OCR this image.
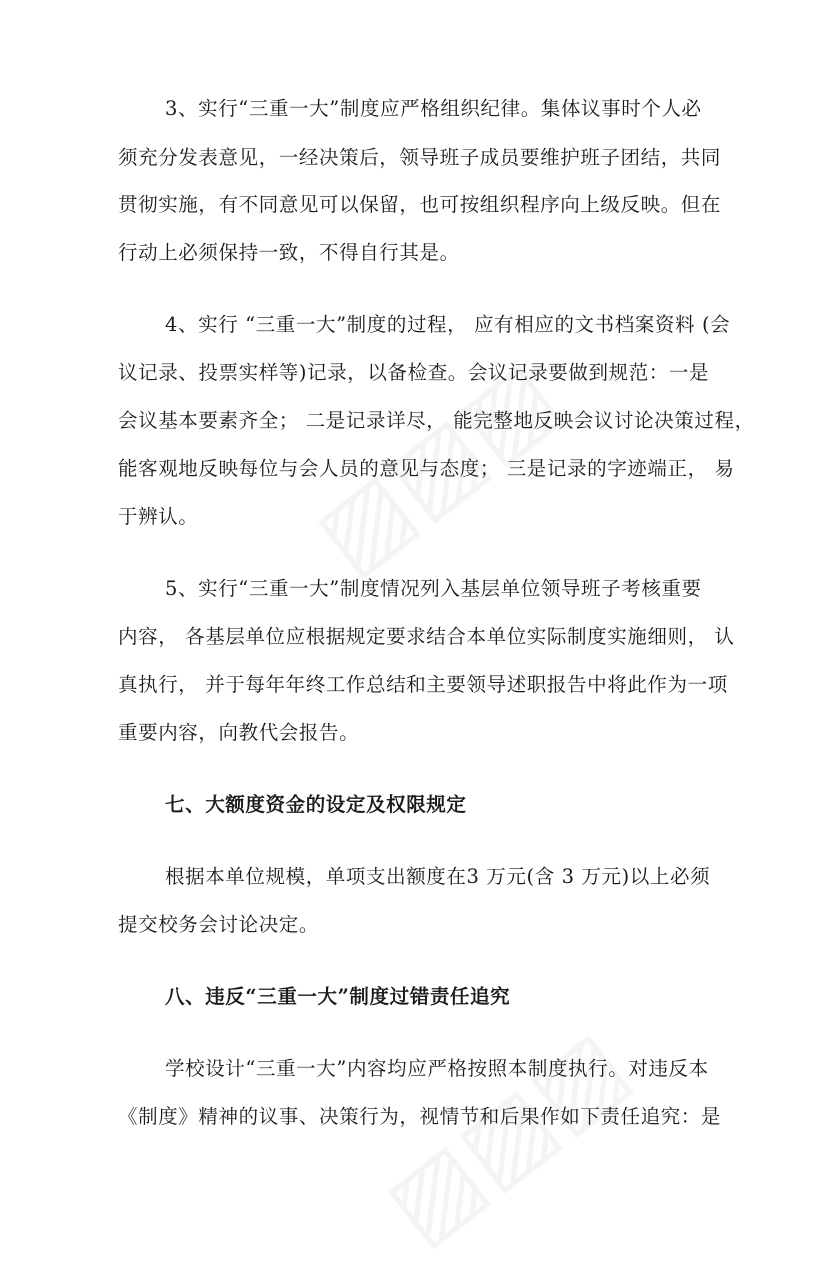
3、实行“三重一大”制度应严格组织纪律。集体议事时个人必
须充分发表意见，一经决策后，领导班子成员要维护班子团结，共同
贯彻实施，有不同意见可以保留，也可按组织程序向上级反映。但在
行动上必须保持一致，不得自行其是。
4、实行 “三重一大”制度的过程， 应有相应的文书档案资料 (会
议记录、投票实样等)记录，以备检查。会议记录要做到规范：一是
会议基本要素齐全； 二是记录详尽， 能完整地反映会议讨论决策过程，
能客观地反映每位与会人员的意见与态度； 三是记录的字迹端正， 易
于辨认。
5、实行“三重一大”制度情况列入基层单位领导班子考核重要
内容， 各基层单位应根据规定要求结合本单位实际制度实施细则， 认
真执行， 并于每年年终工作总结和主要领导述职报告中将此作为一项
重要内容，向教代会报告。
七、大额度资金的设定及权限规定
根据本单位规模，单项支出额度在3 万元(含 3 万元)以上必须
提交校务会讨论决定。
八、违反“三重一大”制度过错责任追究
学校设计“三重一大”内容均应严格按照本制度执行。对违反本
《制度》精神的议事、决策行为，视情节和后果作如下责任追究：是
